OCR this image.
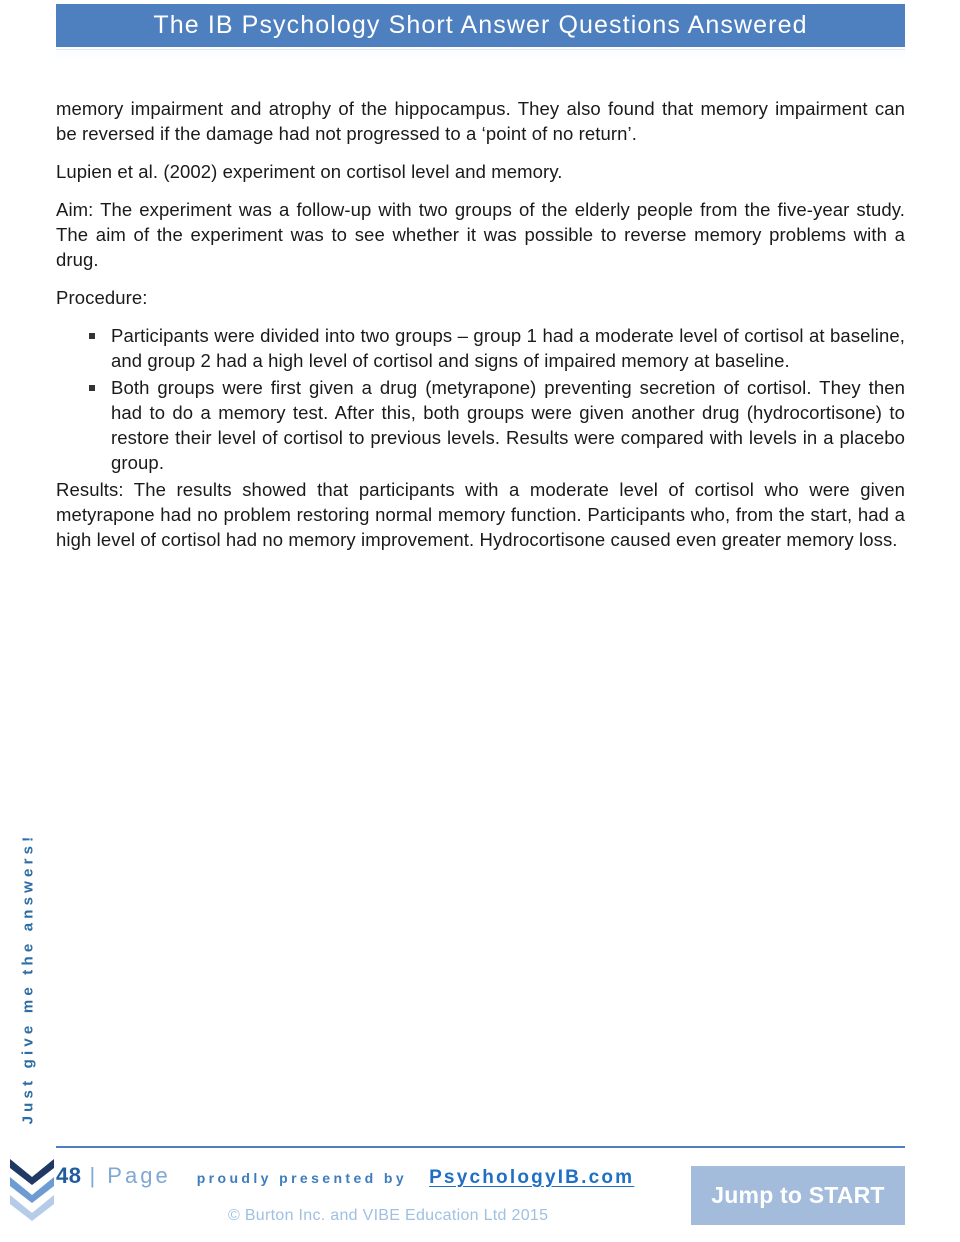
The IB Psychology Short Answer Questions Answered

memory impairment and atrophy of the hippocampus. They also found that memory impairment can be reversed if the damage had not progressed to a ‘point of no return’.

Lupien et al. (2002) experiment on cortisol level and memory.

Aim: The experiment was a follow-up with two groups of the elderly people from the five-year study. The aim of the experiment was to see whether it was possible to reverse memory problems with a drug.

Procedure:

Participants were divided into two groups – group 1 had a moderate level of cortisol at baseline, and group 2 had a high level of cortisol and signs of impaired memory at baseline.
Both groups were first given a drug (metyrapone) preventing secretion of cortisol. They then had to do a memory test. After this, both groups were given another drug (hydrocortisone) to restore their level of cortisol to previous levels. Results were compared with levels in a placebo group.

Results: The results showed that participants with a moderate level of cortisol who were given metyrapone had no problem restoring normal memory function. Participants who, from the start, had a high level of cortisol had no memory improvement. Hydrocortisone caused even greater memory loss.

Just give me the answers!
48 | Page proudly presented by PsychologyIB.com
© Burton Inc. and VIBE Education Ltd 2015
Jump to START
